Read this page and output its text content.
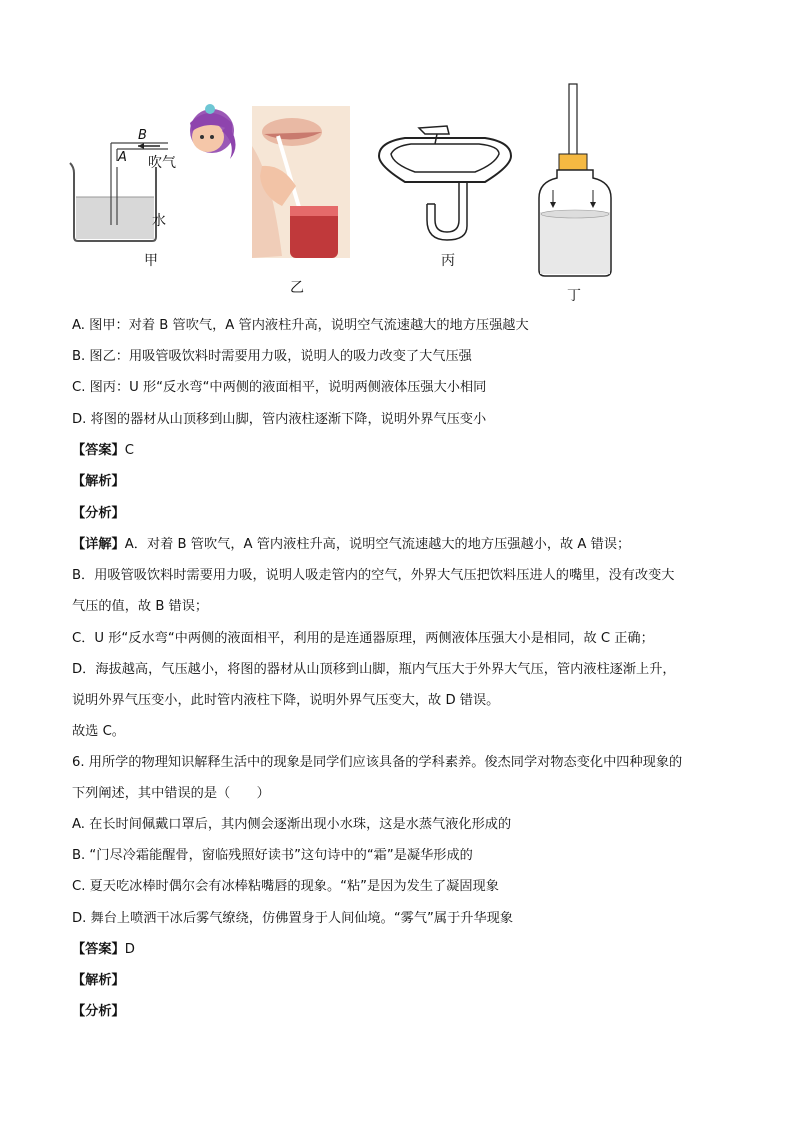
B
A 吹气
水
甲
乙
丙
丁
A. 图甲：对着 B 管吹气，A 管内液柱升高，说明空气流速越大的地方压强越大
B. 图乙：用吸管吸饮料时需要用力吸，说明人的吸力改变了大气压强
C. 图丙：U 形“反水弯“中两侧的液面相平，说明两侧液体压强大小相同
D. 将图的器材从山顶移到山脚，管内液柱逐渐下降，说明外界气压变小
【答案】C
【解析】
【分析】
【详解】A．对着 B 管吹气，A 管内液柱升高，说明空气流速越大的地方压强越小，故 A 错误；
B．用吸管吸饮料时需要用力吸，说明人吸走管内的空气，外界大气压把饮料压进人的嘴里，没有改变大
气压的值，故 B 错误；
C．U 形“反水弯“中两侧的液面相平，利用的是连通器原理，两侧液体压强大小是相同，故 C 正确；
D．海拔越高，气压越小，将图的器材从山顶移到山脚，瓶内气压大于外界大气压，管内液柱逐渐上升，
说明外界气压变小，此时管内液柱下降，说明外界气压变大，故 D 错误。
故选 C。
6. 用所学的物理知识解释生活中的现象是同学们应该具备的学科素养。俊杰同学对物态变化中四种现象的
下列阐述，其中错误的是（　　）
A. 在长时间佩戴口罩后，其内侧会逐渐出现小水珠，这是水蒸气液化形成的
B. “门尽冷霜能醒骨，窗临残照好读书”这句诗中的“霜”是凝华形成的
C. 夏天吃冰棒时偶尔会有冰棒粘嘴唇的现象。“粘”是因为发生了凝固现象
D. 舞台上喷洒干冰后雾气缭绕，仿佛置身于人间仙境。“雾气”属于升华现象
【答案】D
【解析】
【分析】
